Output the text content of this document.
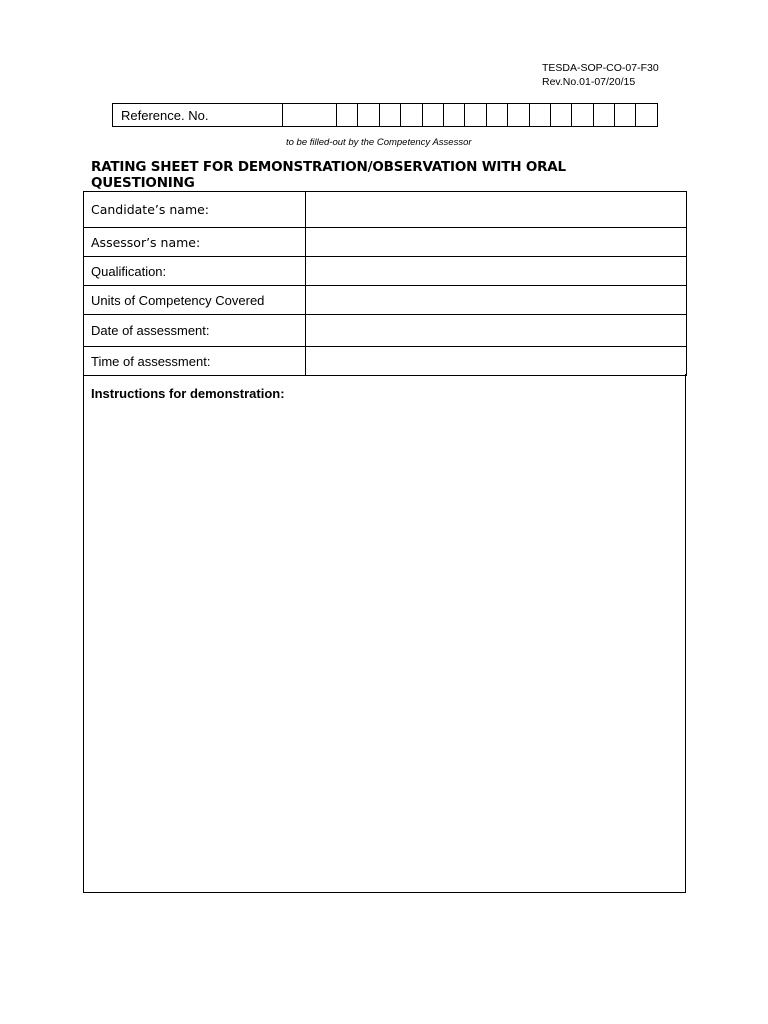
TESDA-SOP-CO-07-F30
Rev.No.01-07/20/15
Reference. No.																
to be filled-out by the Competency Assessor
RATING SHEET FOR DEMONSTRATION/OBSERVATION WITH ORAL QUESTIONING
Candidate’s name:	
Assessor’s name:	
Qualification:	
Units of Competency Covered	
Date of assessment:	
Time of assessment:	
Instructions for demonstration:
